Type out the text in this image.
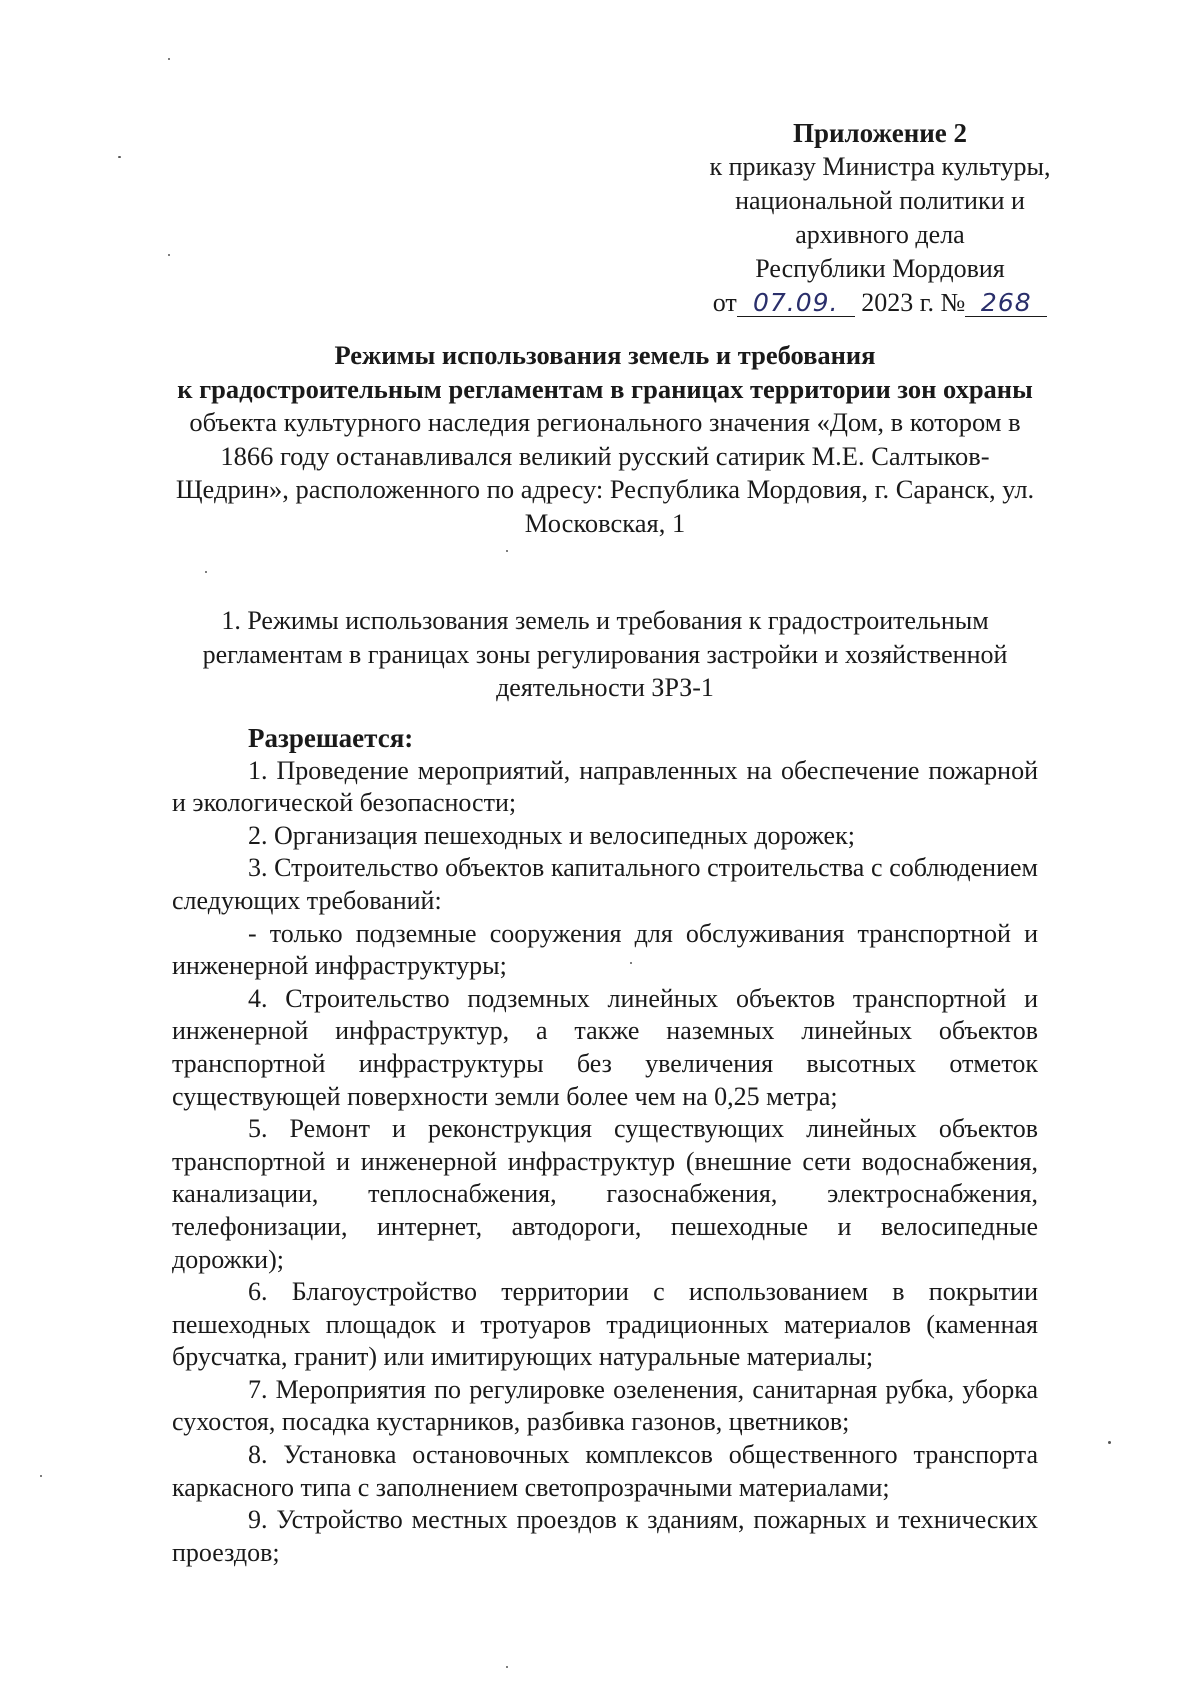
Приложение 2
к приказу Министра культуры,
национальной политики и
архивного дела
Республики Мордовия
от 07.09. 2023 г. № 268
Режимы использования земель и требования
к градостроительным регламентам в границах территории зон охраны
объекта культурного наследия регионального значения «Дом, в котором в 1866 году останавливался великий русский сатирик М.Е. Салтыков-Щедрин», расположенного по адресу: Республика Мордовия, г. Саранск, ул. Московская, 1
1. Режимы использования земель и требования к градостроительным регламентам в границах зоны регулирования застройки и хозяйственной деятельности ЗРЗ-1
Разрешается:

1. Проведение мероприятий, направленных на обеспечение пожарной и экологической безопасности;

2. Организация пешеходных и велосипедных дорожек;

3. Строительство объектов капитального строительства с соблюдением следующих требований:

- только подземные сооружения для обслуживания транспортной и инженерной инфраструктуры;

4. Строительство подземных линейных объектов транспортной и инженерной инфраструктур, а также наземных линейных объектов транспортной инфраструктуры без увеличения высотных отметок существующей поверхности земли более чем на 0,25 метра;

5. Ремонт и реконструкция существующих линейных объектов транспортной и инженерной инфраструктур (внешние сети водоснабжения, канализации, теплоснабжения, газоснабжения, электроснабжения, телефонизации, интернет, автодороги, пешеходные и велосипедные дорожки);

6. Благоустройство территории с использованием в покрытии пешеходных площадок и тротуаров традиционных материалов (каменная брусчатка, гранит) или имитирующих натуральные материалы;

7. Мероприятия по регулировке озеленения, санитарная рубка, уборка сухостоя, посадка кустарников, разбивка газонов, цветников;

8. Установка остановочных комплексов общественного транспорта каркасного типа с заполнением светопрозрачными материалами;

9. Устройство местных проездов к зданиям, пожарных и технических проездов;
